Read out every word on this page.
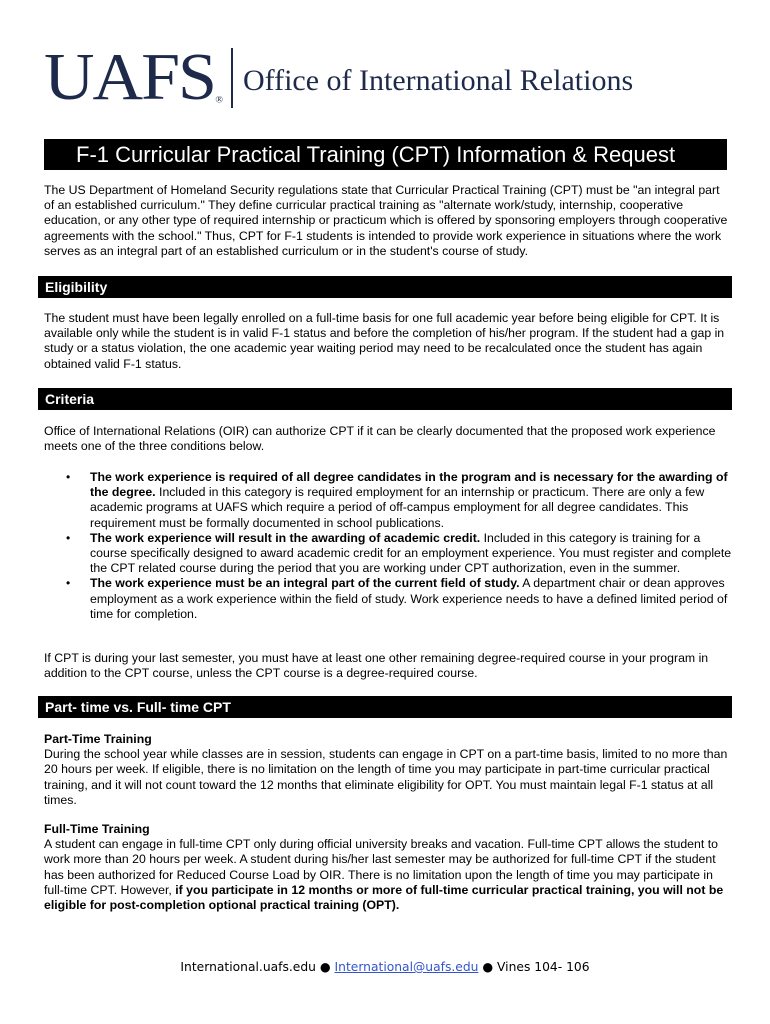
UAFS ®
Office of International Relations
F-1 Curricular Practical Training (CPT) Information & Request
The US Department of Homeland Security regulations state that Curricular Practical Training (CPT) must be "an integral part of an established curriculum." They define curricular practical training as "alternate work/study, internship, cooperative education, or any other type of required internship or practicum which is offered by sponsoring employers through cooperative agreements with the school." Thus, CPT for F-1 students is intended to provide work experience in situations where the work serves as an integral part of an established curriculum or in the student's course of study.
Eligibility
The student must have been legally enrolled on a full-time basis for one full academic year before being eligible for CPT. It is available only while the student is in valid F-1 status and before the completion of his/her program. If the student had a gap in study or a status violation, the one academic year waiting period may need to be recalculated once the student has again obtained valid F-1 status.
Criteria
Office of International Relations (OIR) can authorize CPT if it can be clearly documented that the proposed work experience meets one of the three conditions below.
• The work experience is required of all degree candidates in the program and is necessary for the awarding of the degree. Included in this category is required employment for an internship or practicum. There are only a few academic programs at UAFS which require a period of off-campus employment for all degree candidates. This requirement must be formally documented in school publications.
• The work experience will result in the awarding of academic credit. Included in this category is training for a course specifically designed to award academic credit for an employment experience. You must register and complete the CPT related course during the period that you are working under CPT authorization, even in the summer.
• The work experience must be an integral part of the current field of study. A department chair or dean approves employment as a work experience within the field of study. Work experience needs to have a defined limited period of time for completion.
If CPT is during your last semester, you must have at least one other remaining degree-required course in your program in addition to the CPT course, unless the CPT course is a degree-required course.
Part- time vs. Full- time CPT
Part-Time Training
During the school year while classes are in session, students can engage in CPT on a part-time basis, limited to no more than 20 hours per week. If eligible, there is no limitation on the length of time you may participate in part-time curricular practical training, and it will not count toward the 12 months that eliminate eligibility for OPT. You must maintain legal F-1 status at all times.
Full-Time Training
A student can engage in full-time CPT only during official university breaks and vacation. Full-time CPT allows the student to work more than 20 hours per week. A student during his/her last semester may be authorized for full-time CPT if the student has been authorized for Reduced Course Load by OIR. There is no limitation upon the length of time you may participate in full-time CPT. However, if you participate in 12 months or more of full-time curricular practical training, you will not be eligible for post-completion optional practical training (OPT).
International.uafs.edu ● International@uafs.edu ● Vines 104- 106
